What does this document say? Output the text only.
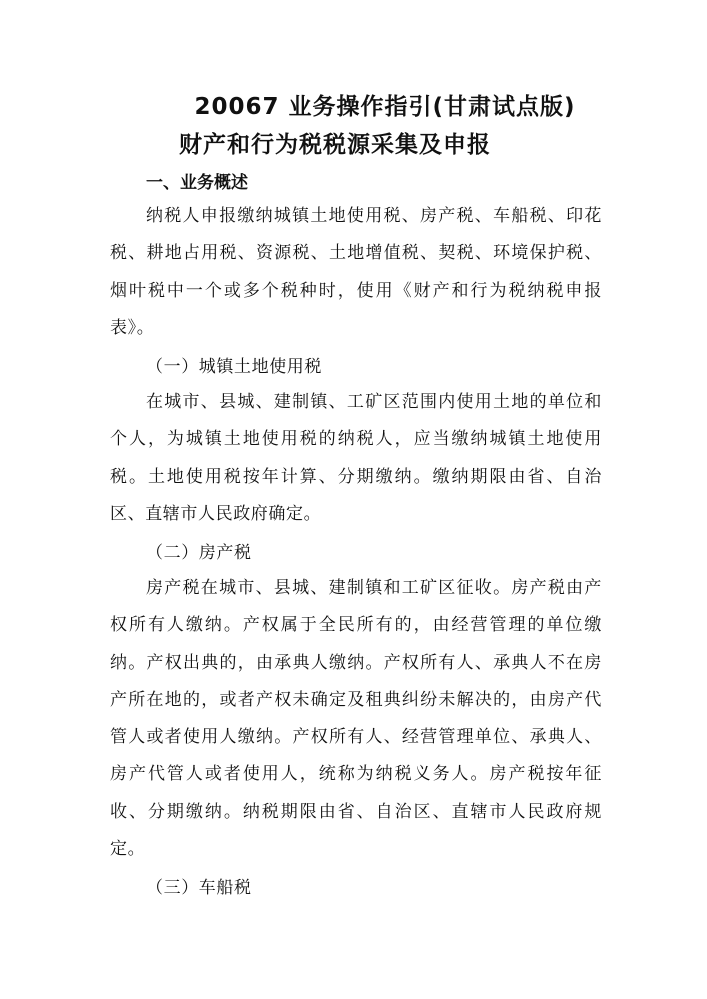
20067 业务操作指引(甘肃试点版)
财产和行为税税源采集及申报
一、业务概述

纳税人申报缴纳城镇土地使用税、房产税、车船税、印花税、耕地占用税、资源税、土地增值税、契税、环境保护税、烟叶税中一个或多个税种时，使用《财产和行为税纳税申报表》。

（一）城镇土地使用税

在城市、县城、建制镇、工矿区范围内使用土地的单位和个人，为城镇土地使用税的纳税人，应当缴纳城镇土地使用税。土地使用税按年计算、分期缴纳。缴纳期限由省、自治区、直辖市人民政府确定。

（二）房产税

房产税在城市、县城、建制镇和工矿区征收。房产税由产权所有人缴纳。产权属于全民所有的，由经营管理的单位缴纳。产权出典的，由承典人缴纳。产权所有人、承典人不在房产所在地的，或者产权未确定及租典纠纷未解决的，由房产代管人或者使用人缴纳。产权所有人、经营管理单位、承典人、房产代管人或者使用人，统称为纳税义务人。房产税按年征收、分期缴纳。纳税期限由省、自治区、直辖市人民政府规定。

（三）车船税
